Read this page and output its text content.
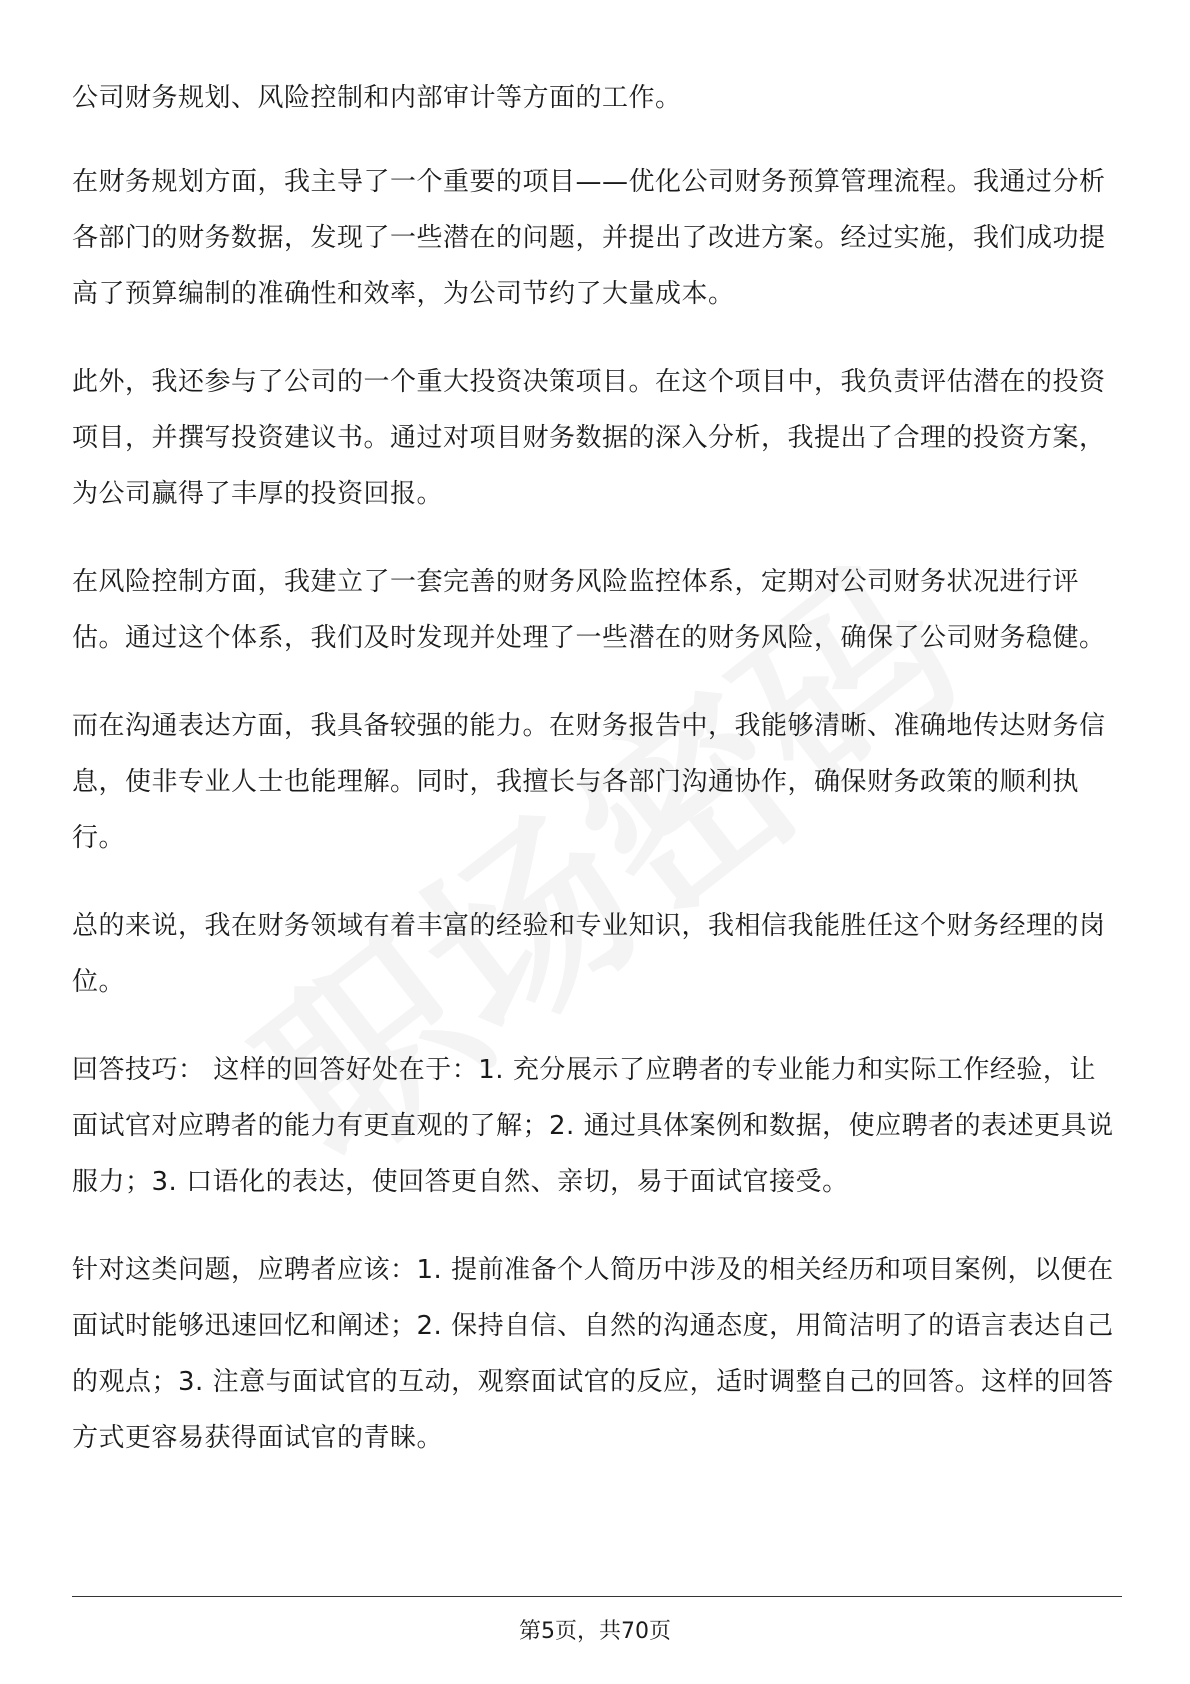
公司财务规划、风险控制和内部审计等方面的工作。

在财务规划方面，我主导了一个重要的项目——优化公司财务预算管理流程。我通过分析各部门的财务数据，发现了一些潜在的问题，并提出了改进方案。经过实施，我们成功提高了预算编制的准确性和效率，为公司节约了大量成本。

此外，我还参与了公司的一个重大投资决策项目。在这个项目中，我负责评估潜在的投资项目，并撰写投资建议书。通过对项目财务数据的深入分析，我提出了合理的投资方案，为公司赢得了丰厚的投资回报。

在风险控制方面，我建立了一套完善的财务风险监控体系，定期对公司财务状况进行评估。通过这个体系，我们及时发现并处理了一些潜在的财务风险，确保了公司财务稳健。

而在沟通表达方面，我具备较强的能力。在财务报告中，我能够清晰、准确地传达财务信息，使非专业人士也能理解。同时，我擅长与各部门沟通协作，确保财务政策的顺利执行。

总的来说，我在财务领域有着丰富的经验和专业知识，我相信我能胜任这个财务经理的岗位。

回答技巧： 这样的回答好处在于：1. 充分展示了应聘者的专业能力和实际工作经验，让面试官对应聘者的能力有更直观的了解；2. 通过具体案例和数据，使应聘者的表述更具说服力；3. 口语化的表达，使回答更自然、亲切，易于面试官接受。

针对这类问题，应聘者应该：1. 提前准备个人简历中涉及的相关经历和项目案例，以便在面试时能够迅速回忆和阐述；2. 保持自信、自然的沟通态度，用简洁明了的语言表达自己的观点；3. 注意与面试官的互动，观察面试官的反应，适时调整自己的回答。这样的回答方式更容易获得面试官的青睐。

第5页，共70页
